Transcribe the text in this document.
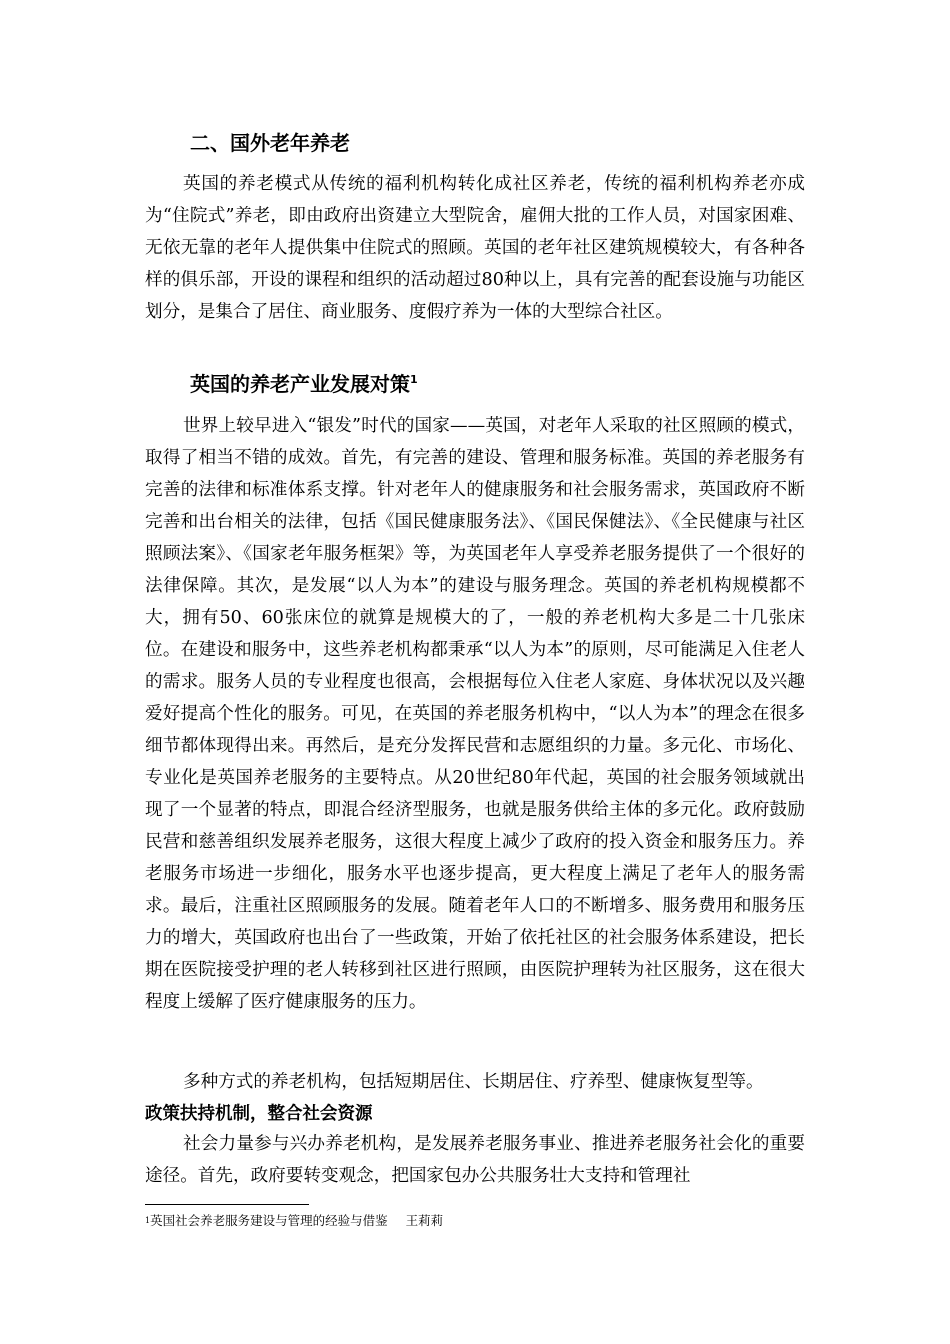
二、国外老年养老

英国的养老模式从传统的福利机构转化成社区养老，传统的福利机构养老亦成为“住院式”养老，即由政府出资建立大型院舍，雇佣大批的工作人员，对国家困难、无依无靠的老年人提供集中住院式的照顾。英国的老年社区建筑规模较大，有各种各样的俱乐部，开设的课程和组织的活动超过80种以上，具有完善的配套设施与功能区划分，是集合了居住、商业服务、度假疗养为一体的大型综合社区。

英国的养老产业发展对策$^1$

世界上较早进入“银发”时代的国家——英国，对老年人采取的社区照顾的模式，取得了相当不错的成效。首先，有完善的建设、管理和服务标准。英国的养老服务有完善的法律和标准体系支撑。针对老年人的健康服务和社会服务需求，英国政府不断完善和出台相关的法律，包括《国民健康服务法》、《国民保健法》、《全民健康与社区照顾法案》、《国家老年服务框架》等，为英国老年人享受养老服务提供了一个很好的法律保障。其次，是发展“以人为本”的建设与服务理念。英国的养老机构规模都不大，拥有50、60张床位的就算是规模大的了，一般的养老机构大多是二十几张床位。在建设和服务中，这些养老机构都秉承“以人为本”的原则，尽可能满足入住老人的需求。服务人员的专业程度也很高，会根据每位入住老人家庭、身体状况以及兴趣爱好提高个性化的服务。可见，在英国的养老服务机构中，“以人为本”的理念在很多细节都体现得出来。再然后，是充分发挥民营和志愿组织的力量。多元化、市场化、专业化是英国养老服务的主要特点。从20世纪80年代起，英国的社会服务领域就出现了一个显著的特点，即混合经济型服务，也就是服务供给主体的多元化。政府鼓励民营和慈善组织发展养老服务，这很大程度上减少了政府的投入资金和服务压力。养老服务市场进一步细化，服务水平也逐步提高，更大程度上满足了老年人的服务需求。最后，注重社区照顾服务的发展。随着老年人口的不断增多、服务费用和服务压力的增大，英国政府也出台了一些政策，开始了依托社区的社会服务体系建设，把长期在医院接受护理的老人转移到社区进行照顾，由医院护理转为社区服务，这在很大程度上缓解了医疗健康服务的压力。

多种方式的养老机构，包括短期居住、长期居住、疗养型、健康恢复型等。

政策扶持机制，整合社会资源

社会力量参与兴办养老机构，是发展养老服务事业、推进养老服务社会化的重要途径。首先，政府要转变观念，把国家包办公共服务壮大支持和管理社

$^1$英国社会养老服务建设与管理的经验与借鉴 王莉莉
